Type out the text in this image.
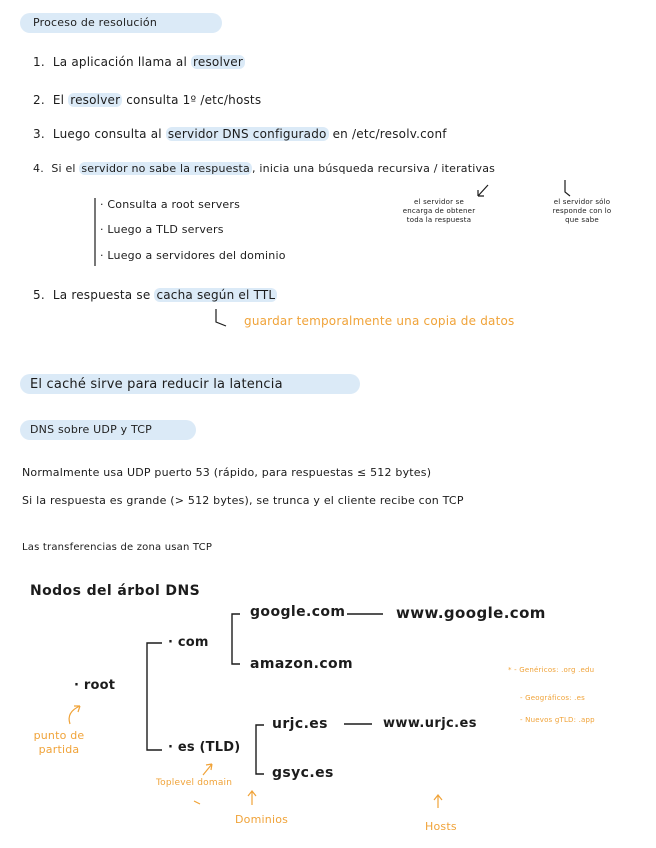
Proceso de resolución
1. La aplicación llama al resolver
2. El resolver consulta 1º /etc/hosts
3. Luego consulta al servidor DNS configurado en /etc/resolv.conf
4. Si el servidor no sabe la respuesta , inicia una búsqueda recursiva / iterativas
· Consulta a root servers
· Luego a TLD servers
· Luego a servidores del dominio
el servidor se encarga de obtener toda la respuesta
el servidor sólo responde con lo que sabe
5. La respuesta se cacha según el TTL
guardar temporalmente una copia de datos
El caché sirve para reducir la latencia
DNS sobre UDP y TCP
Normalmente usa UDP puerto 53 (rápido, para respuestas ≤ 512 bytes)
Si la respuesta es grande (> 512 bytes), se trunca y el cliente recibe con TCP
Las transferencias de zona usan TCP
Nodos del árbol DNS
· root
· com
· es (TLD)
google.com	www.google.com
amazon.com
urjc.es	www.urjc.es
gsyc.es
punto de partida
Toplevel domain
Dominios
Hosts
* - Genéricos: .org .edu
- Geográficos: .es
- Nuevos gTLD: .app
